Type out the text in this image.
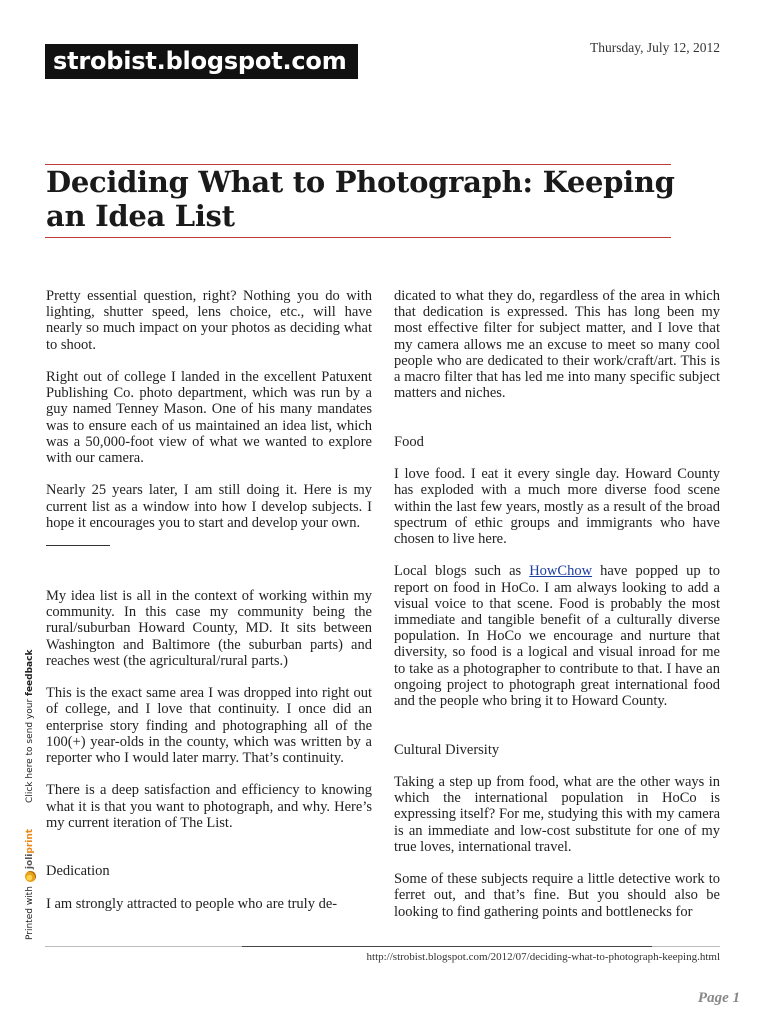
strobist.blogspot.com	Thursday, July 12, 2012
Deciding What to Photograph: Keeping an Idea List

Pretty essential question, right? Nothing you do with lighting, shutter speed, lens choice, etc., will have nearly so much impact on your photos as deciding what to shoot.

Right out of college I landed in the excellent Patuxent Publishing Co. photo department, which was run by a guy named Tenney Mason. One of his many mandates was to ensure each of us maintained an idea list, which was a 50,000-foot view of what we wanted to explore with our camera.

Nearly 25 years later, I am still doing it. Here is my current list as a window into how I develop subjects. I hope it encourages you to start and develop your own.

My idea list is all in the context of working within my community. In this case my community being the rural/suburban Howard County, MD. It sits between Washington and Baltimore (the suburban parts) and reaches west (the agricultural/rural parts.)

This is the exact same area I was dropped into right out of college, and I love that continuity. I once did an enterprise story finding and photographing all of the 100(+) year-olds in the county, which was written by a reporter who I would later marry. That’s continuity.

There is a deep satisfaction and efficiency to knowing what it is that you want to photograph, and why. Here’s my current iteration of The List.

Dedication

I am strongly attracted to people who are truly de-

dicated to what they do, regardless of the area in which that dedication is expressed. This has long been my most effective filter for subject matter, and I love that my camera allows me an excuse to meet so many cool people who are dedicated to their work/craft/art. This is a macro filter that has led me into many specific subject matters and niches.

Food

I love food. I eat it every single day. Howard County has exploded with a much more diverse food scene within the last few years, mostly as a result of the broad spectrum of ethic groups and immigrants who have chosen to live here.

Local blogs such as HowChow have popped up to report on food in HoCo. I am always looking to add a visual voice to that scene. Food is probably the most immediate and tangible benefit of a culturally diverse population. In HoCo we encourage and nurture that diversity, so food is a logical and visual inroad for me to take as a photographer to contribute to that. I have an ongoing project to photograph great international food and the people who bring it to Howard County.

Cultural Diversity

Taking a step up from food, what are the other ways in which the international population in HoCo is expressing itself? For me, studying this with my camera is an immediate and low-cost substitute for one of my true loves, international travel.

Some of these subjects require a little detective work to ferret out, and that’s fine. But you should also be looking to find gathering points and bottlenecks for

Printed with
joli
print
Click here to send your feedback
http://strobist.blogspot.com/2012/07/deciding-what-to-photograph-keeping.html
Page 1
